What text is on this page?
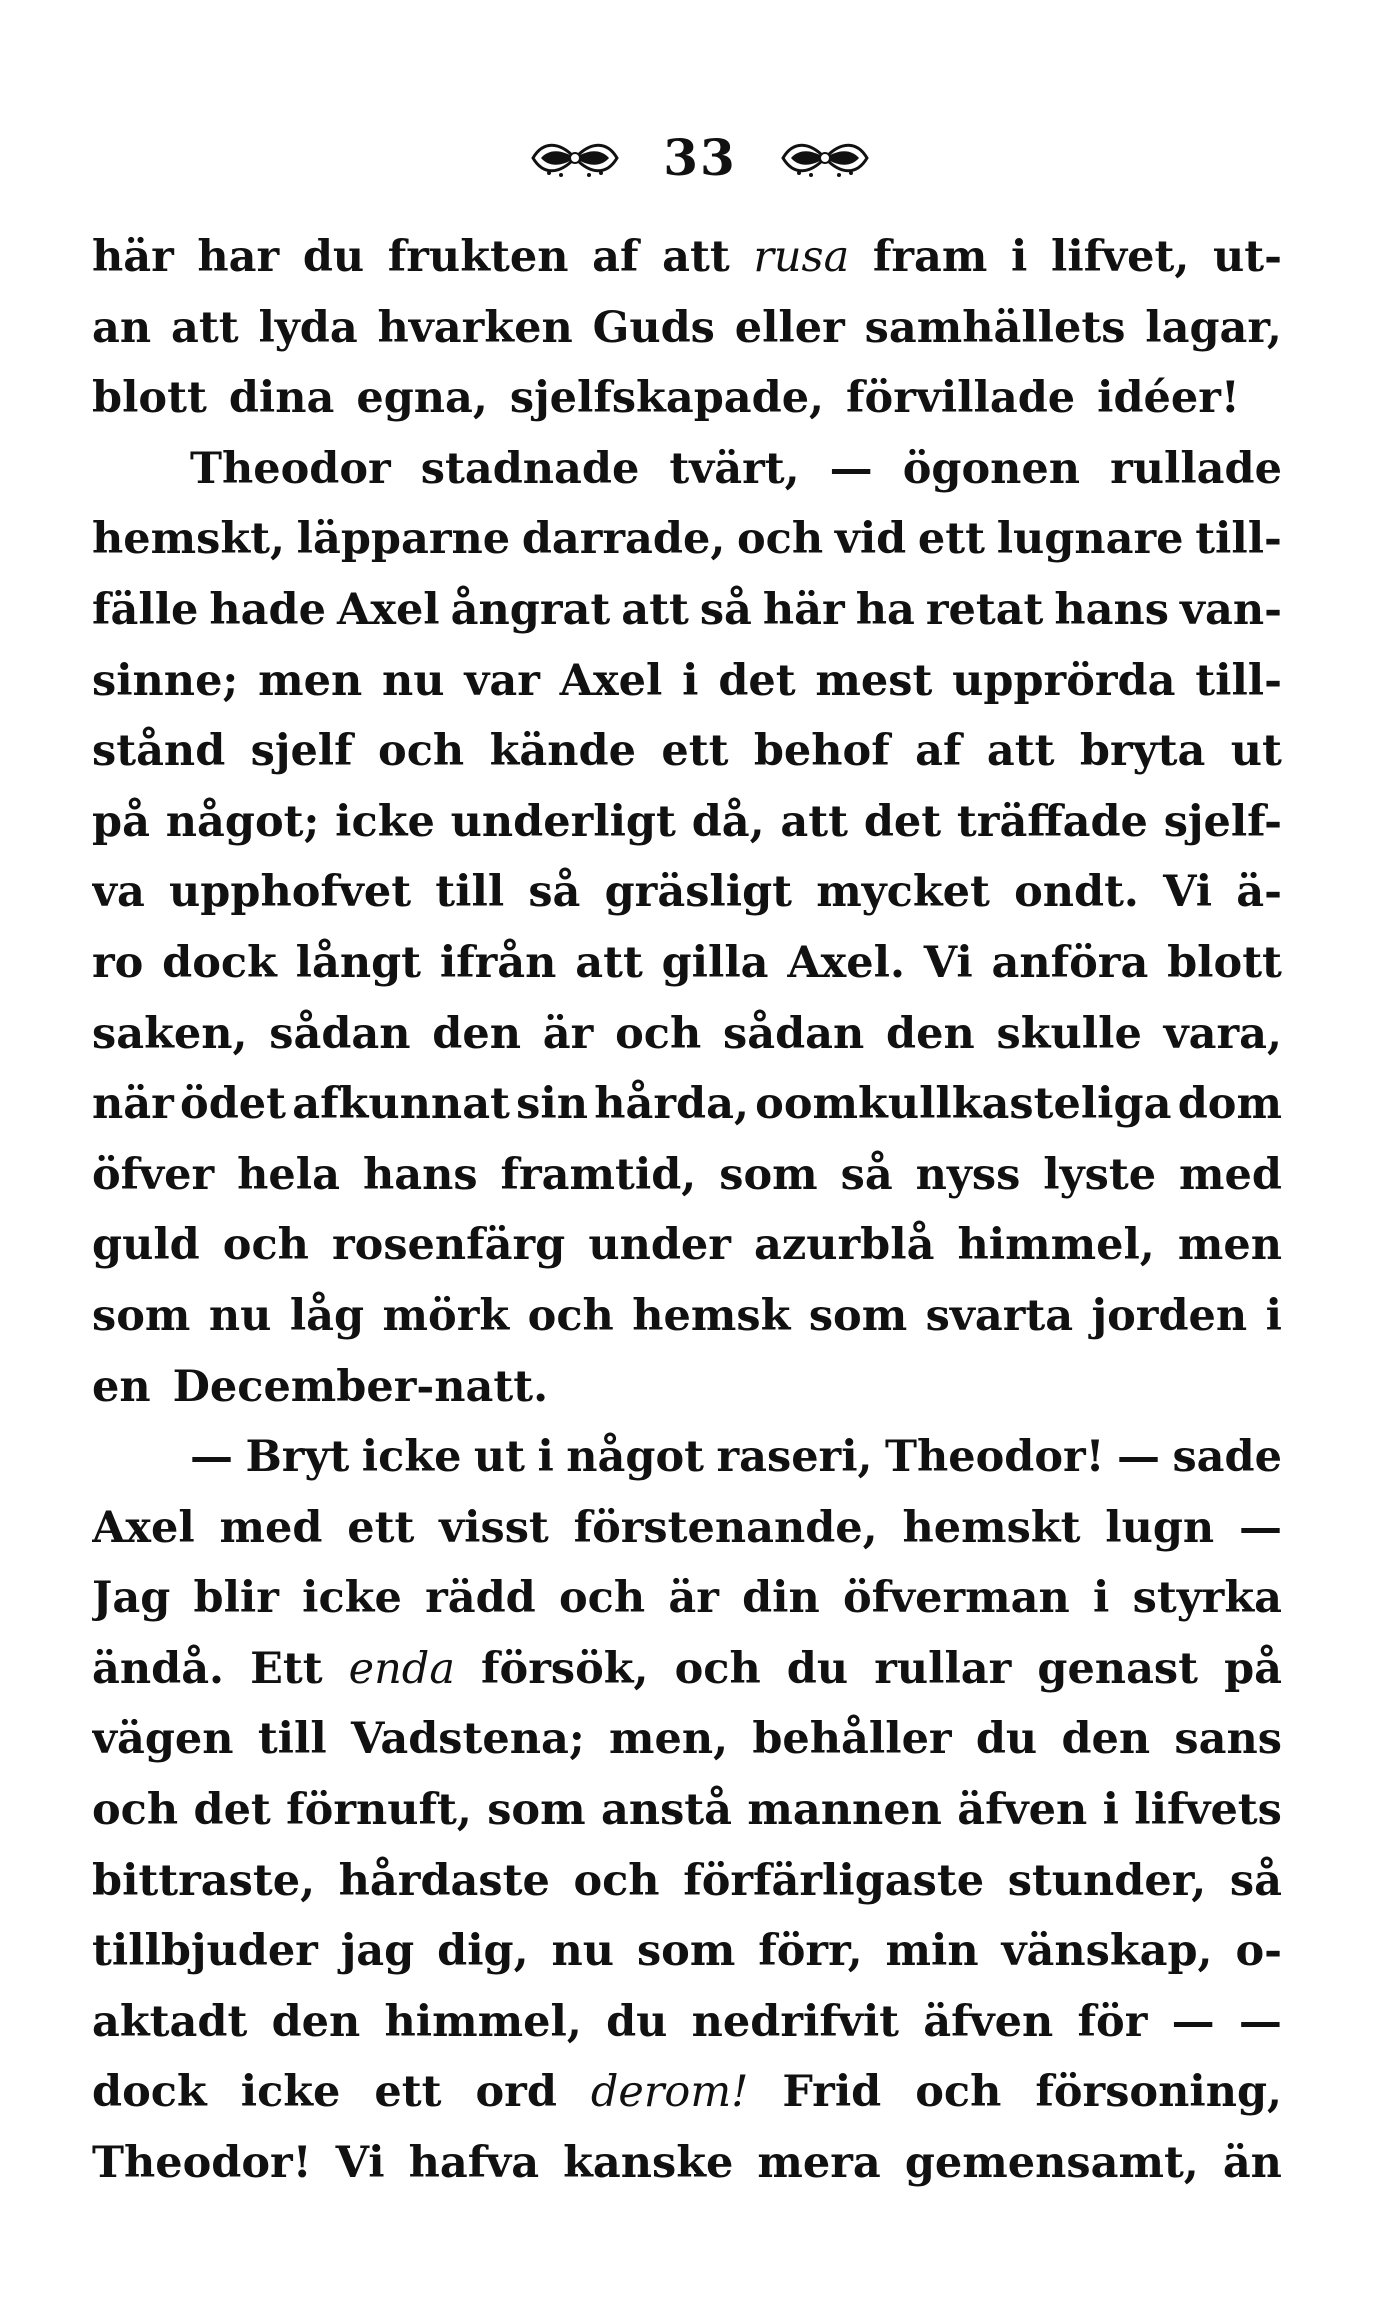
33
här har du frukten af att rusa fram i lifvet, ut-
an att lyda hvarken Guds eller samhällets lagar,
blott dina egna, sjelfskapade, förvillade idéer!
Theodor stadnade tvärt, — ögonen rullade
hemskt, läpparne darrade, och vid ett lugnare till-
fälle hade Axel ångrat att så här ha retat hans van-
sinne; men nu var Axel i det mest upprörda till-
stånd sjelf och kände ett behof af att bryta ut
på något; icke underligt då, att det träffade sjelf-
va upphofvet till så gräsligt mycket ondt. Vi ä-
ro dock långt ifrån att gilla Axel. Vi anföra blott
saken, sådan den är och sådan den skulle vara,
när ödet afkunnat sin hårda, oomkullkasteliga dom
öfver hela hans framtid, som så nyss lyste med
guld och rosenfärg under azurblå himmel, men
som nu låg mörk och hemsk som svarta jorden i
en December-natt.
— Bryt icke ut i något raseri, Theodor! — sade
Axel med ett visst förstenande, hemskt lugn —
Jag blir icke rädd och är din öfverman i styrka
ändå. Ett enda försök, och du rullar genast på
vägen till Vadstena; men, behåller du den sans
och det förnuft, som anstå mannen äfven i lifvets
bittraste, hårdaste och förfärligaste stunder, så
tillbjuder jag dig, nu som förr, min vänskap, o-
aktadt den himmel, du nedrifvit äfven för — —
dock icke ett ord derom! Frid och försoning,
Theodor! Vi hafva kanske mera gemensamt, än
